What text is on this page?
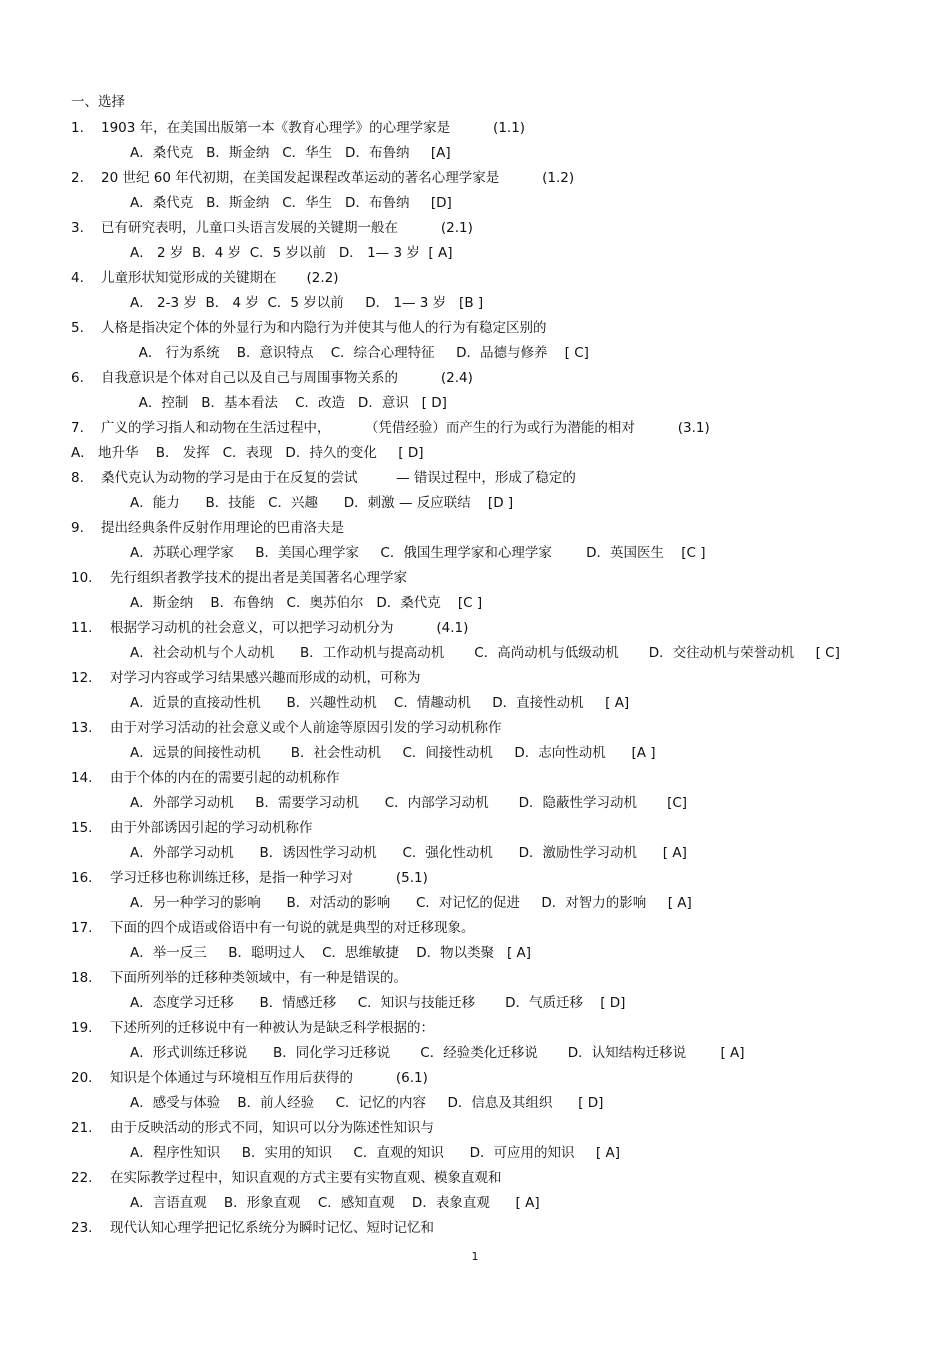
一、选择
1. 1903 年，在美国出版第一本《教育心理学》的心理学家是          (1.1)
A．桑代克   B．斯金纳   C．华生   D．布鲁纳     [A]
2. 20 世纪 60 年代初期，在美国发起课程改革运动的著名心理学家是          (1.2)
A．桑代克   B．斯金纳   C．华生   D．布鲁纳     [D]
3. 已有研究表明，儿童口头语言发展的关键期一般在          (2.1)
A． 2 岁  B．4 岁  C．5 岁以前   D． 1— 3 岁  [ A]
4. 儿童形状知觉形成的关键期在       (2.2)
A． 2-3 岁  B． 4 岁  C．5 岁以前     D． 1— 3 岁   [B ]
5. 人格是指决定个体的外显行为和内隐行为并使其与他人的行为有稳定区别的
A． 行为系统    B．意识特点    C．综合心理特征     D．品德与修养    [ C]
6. 自我意识是个体对自己以及自己与周围事物关系的          (2.4)
A．控制   B．基本看法    C．改造   D．意识   [ D]
7. 广义的学习指人和动物在生活过程中，        （凭借经验）而产生的行为或行为潜能的相对          (3.1)
A． 地升华    B． 发挥   C．表现   D．持久的变化     [ D]
8. 桑代克认为动物的学习是由于在反复的尝试         — 错误过程中，形成了稳定的
A．能力      B．技能   C．兴趣      D．刺激 — 反应联结    [D ]
9. 提出经典条件反射作用理论的巴甫洛夫是
A．苏联心理学家     B．美国心理学家     C．俄国生理学家和心理学家        D．英国医生    [C ]
10. 先行组织者教学技术的提出者是美国著名心理学家
A．斯金纳    B．布鲁纳   C．奥苏伯尔   D．桑代克    [C ]
11. 根据学习动机的社会意义，可以把学习动机分为          (4.1)
A．社会动机与个人动机      B．工作动机与提高动机       C．高尚动机与低级动机       D．交往动机与荣誉动机     [ C]
12. 对学习内容或学习结果感兴趣而形成的动机，可称为
A．近景的直接动性机      B．兴趣性动机    C．情趣动机     D．直接性动机     [ A]
13. 由于对学习活动的社会意义或个人前途等原因引发的学习动机称作
A．远景的间接性动机       B．社会性动机     C．间接性动机     D．志向性动机      [A ]
14. 由于个体的内在的需要引起的动机称作
A．外部学习动机     B．需要学习动机      C．内部学习动机       D．隐蔽性学习动机       [C]
15. 由于外部诱因引起的学习动机称作
A．外部学习动机      B．诱因性学习动机      C．强化性动机      D．激励性学习动机      [ A]
16. 学习迁移也称训练迁移，是指一种学习对          (5.1)
A．另一种学习的影响      B．对活动的影响      C．对记忆的促进     D．对智力的影响     [ A]
17. 下面的四个成语或俗语中有一句说的就是典型的对迁移现象。
A．举一反三     B．聪明过人    C．思维敏捷    D．物以类聚   [ A]
18. 下面所列举的迁移种类领域中，有一种是错误的。
A．态度学习迁移      B．情感迁移     C．知识与技能迁移       D．气质迁移    [ D]
19. 下述所列的迁移说中有一种被认为是缺乏科学根据的：
A．形式训练迁移说      B．同化学习迁移说       C．经验类化迁移说       D．认知结构迁移说        [ A]
20. 知识是个体通过与环境相互作用后获得的          (6.1)
A．感受与体验    B．前人经验     C．记忆的内容     D．信息及其组织      [ D]
21. 由于反映活动的形式不同，知识可以分为陈述性知识与
A．程序性知识     B．实用的知识     C．直观的知识      D．可应用的知识     [ A]
22. 在实际教学过程中，知识直观的方式主要有实物直观、模象直观和
A．言语直观    B．形象直观    C．感知直观    D．表象直观      [ A]
23. 现代认知心理学把记忆系统分为瞬时记忆、短时记忆和
1
